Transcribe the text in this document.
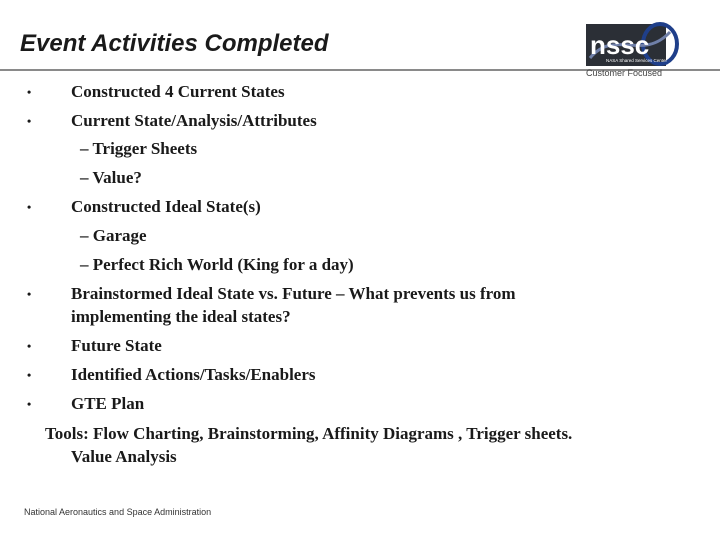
Event Activities Completed	nssc
NASA Shared Services Center
Customer Focused
• Constructed 4 Current States
• Current State/Analysis/Attributes
– Trigger Sheets
– Value?
• Constructed Ideal State(s)
– Garage
– Perfect Rich World (King for a day)
• Brainstormed Ideal State vs. Future – What prevents us from
implementing the ideal states?
• Future State
• Identified Actions/Tasks/Enablers
• GTE Plan
Tools: Flow Charting, Brainstorming, Affinity Diagrams , Trigger sheets.
Value Analysis
National Aeronautics and Space Administration
